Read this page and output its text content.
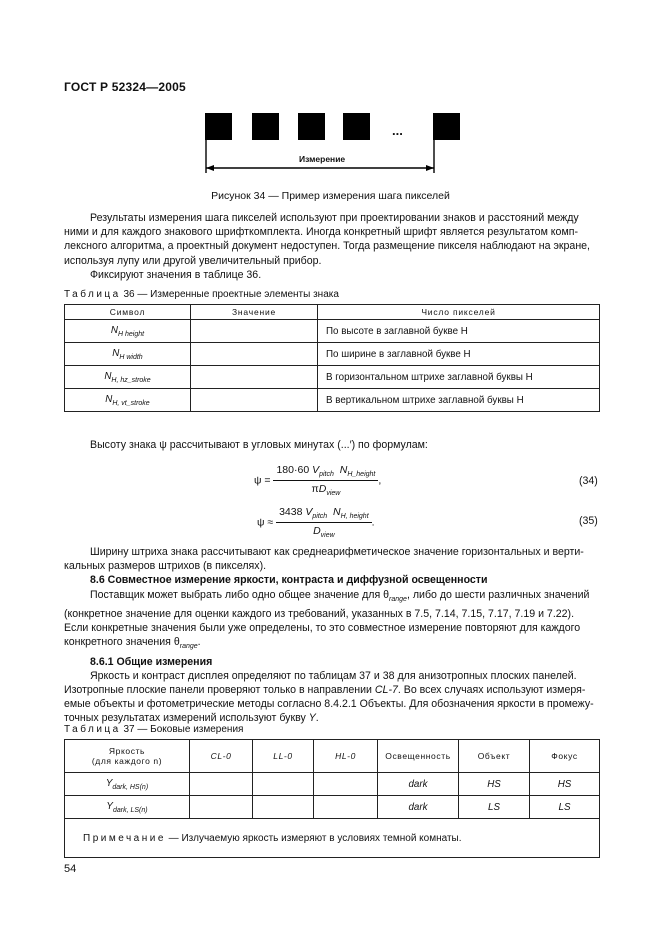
ГОСТ Р 52324—2005
...
Измерение
Рисунок 34 — Пример измерения шага пикселей

Результаты измерения шага пикселей используют при проектировании знаков и расстояний между

ними и для каждого знакового шрифткомплекта. Иногда конкретный шрифт является результатом комп-

лексного алгоритма, а проектный документ недоступен. Тогда размещение пикселя наблюдают на экране,

используя лупу или другой увеличительный прибор.

Фиксируют значения в таблице 36.

Таблица 36 — Измеренные проектные элементы знака
Символ	Значение	Число пикселей
$N_{H height}$		По высоте в заглавной букве H
$N_{H width}$		По ширине в заглавной букве H
$N_{H, hz\_stroke}$		В горизонтальном штрихе заглавной буквы H
$N_{H, vt\_stroke}$		В вертикальном штрихе заглавной буквы H

Высоту знака ψ рассчитывают в угловых минутах (...′) по формулам:

$\psi = \frac{180\cdot 60 V_{pitch} N_{H\_height}}{\pi D_{view}}$ ,	(34)
$\psi \approx \frac{3438 V_{pitch} N_{H, height}}{D_{view}}$ .	(35)

Ширину штриха знака рассчитывают как среднеарифметическое значение горизонтальных и верти-

кальных размеров штрихов (в пикселях).

8.6 Совместное измерение яркости, контраста и диффузной освещенности

Поставщик может выбрать либо одно общее значение для $\theta_{range}$, либо до шести различных значений

(конкретное значение для оценки каждого из требований, указанных в 7.5, 7.14, 7.15, 7.17, 7.19 и 7.22).

Если конкретные значения были уже определены, то это совместное измерение повторяют для каждого

конкретного значения $\theta_{range}$.

8.6.1 Общие измерения

Яркость и контраст дисплея определяют по таблицам 37 и 38 для анизотропных плоских панелей.

Изотропные плоские панели проверяют только в направлении CL-7. Во всех случаях используют измеря-

емые объекты и фотометрические методы согласно 8.4.2.1 Объекты. Для обозначения яркости в промежу-

точных результатах измерений используют букву Y.

Таблица 37 — Боковые измерения
Яркость
(для каждого n)	CL-0	LL-0	HL-0	Освещенность	Объект	Фокус
$Y_{dark, HS(n)}$				dark	HS	HS
$Y_{dark, LS(n)}$				dark	LS	LS
Примечание — Излучаемую яркость измеряют в условиях темной комнаты.						
54
